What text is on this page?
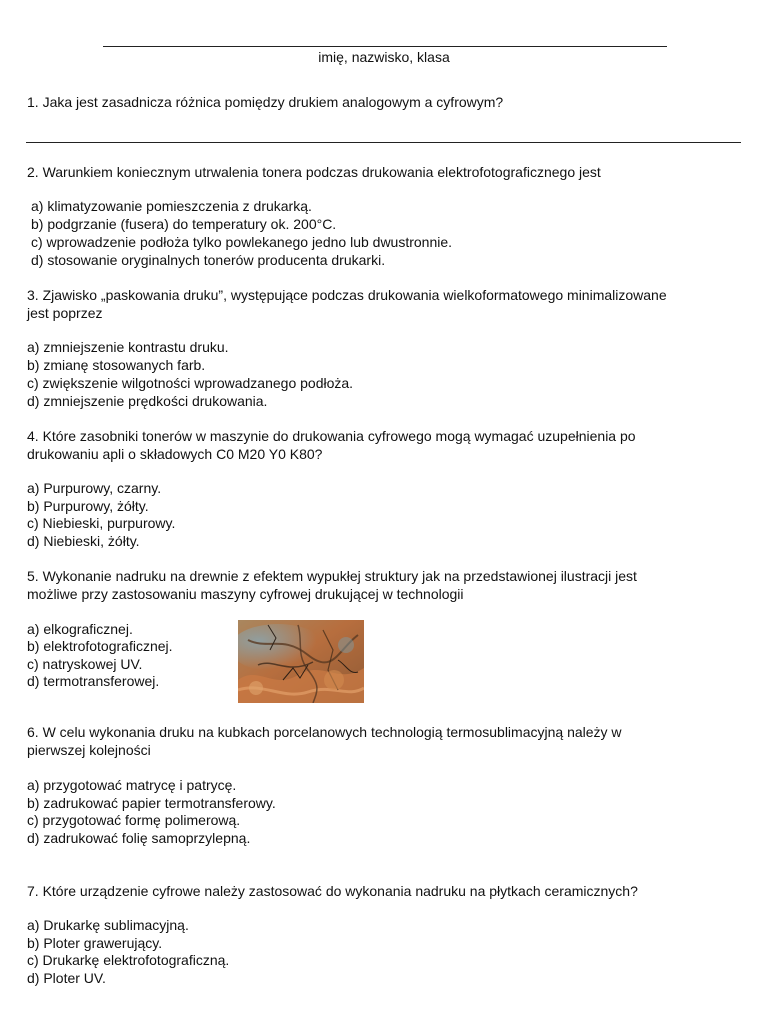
imię, nazwisko, klasa
1. Jaka jest zasadnicza różnica pomiędzy drukiem analogowym a cyfrowym?
2. Warunkiem koniecznym utrwalenia tonera podczas drukowania elektrofotograficznego jest
a) klimatyzowanie pomieszczenia z drukarką.
b) podgrzanie (fusera) do temperatury ok. 200°C.
c) wprowadzenie podłoża tylko powlekanego jedno lub dwustronnie.
d) stosowanie oryginalnych tonerów producenta drukarki.
3. Zjawisko „paskowania druku”, występujące podczas drukowania wielkoformatowego minimalizowane
jest poprzez
a) zmniejszenie kontrastu druku.
b) zmianę stosowanych farb.
c) zwiększenie wilgotności wprowadzanego podłoża.
d) zmniejszenie prędkości drukowania.
4. Które zasobniki tonerów w maszynie do drukowania cyfrowego mogą wymagać uzupełnienia po
drukowaniu apli o składowych C0 M20 Y0 K80?
a) Purpurowy, czarny.
b) Purpurowy, żółty.
c) Niebieski, purpurowy.
d) Niebieski, żółty.
5. Wykonanie nadruku na drewnie z efektem wypukłej struktury jak na przedstawionej ilustracji jest
możliwe przy zastosowaniu maszyny cyfrowej drukującej w technologii
a) elkograficznej.
b) elektrofotograficznej.
c) natryskowej UV.
d) termotransferowej.
6. W celu wykonania druku na kubkach porcelanowych technologią termosublimacyjną należy w
pierwszej kolejności
a) przygotować matrycę i patrycę.
b) zadrukować papier termotransferowy.
c) przygotować formę polimerową.
d) zadrukować folię samoprzylepną.
7. Które urządzenie cyfrowe należy zastosować do wykonania nadruku na płytkach ceramicznych?
a) Drukarkę sublimacyjną.
b) Ploter grawerujący.
c) Drukarkę elektrofotograficzną.
d) Ploter UV.
